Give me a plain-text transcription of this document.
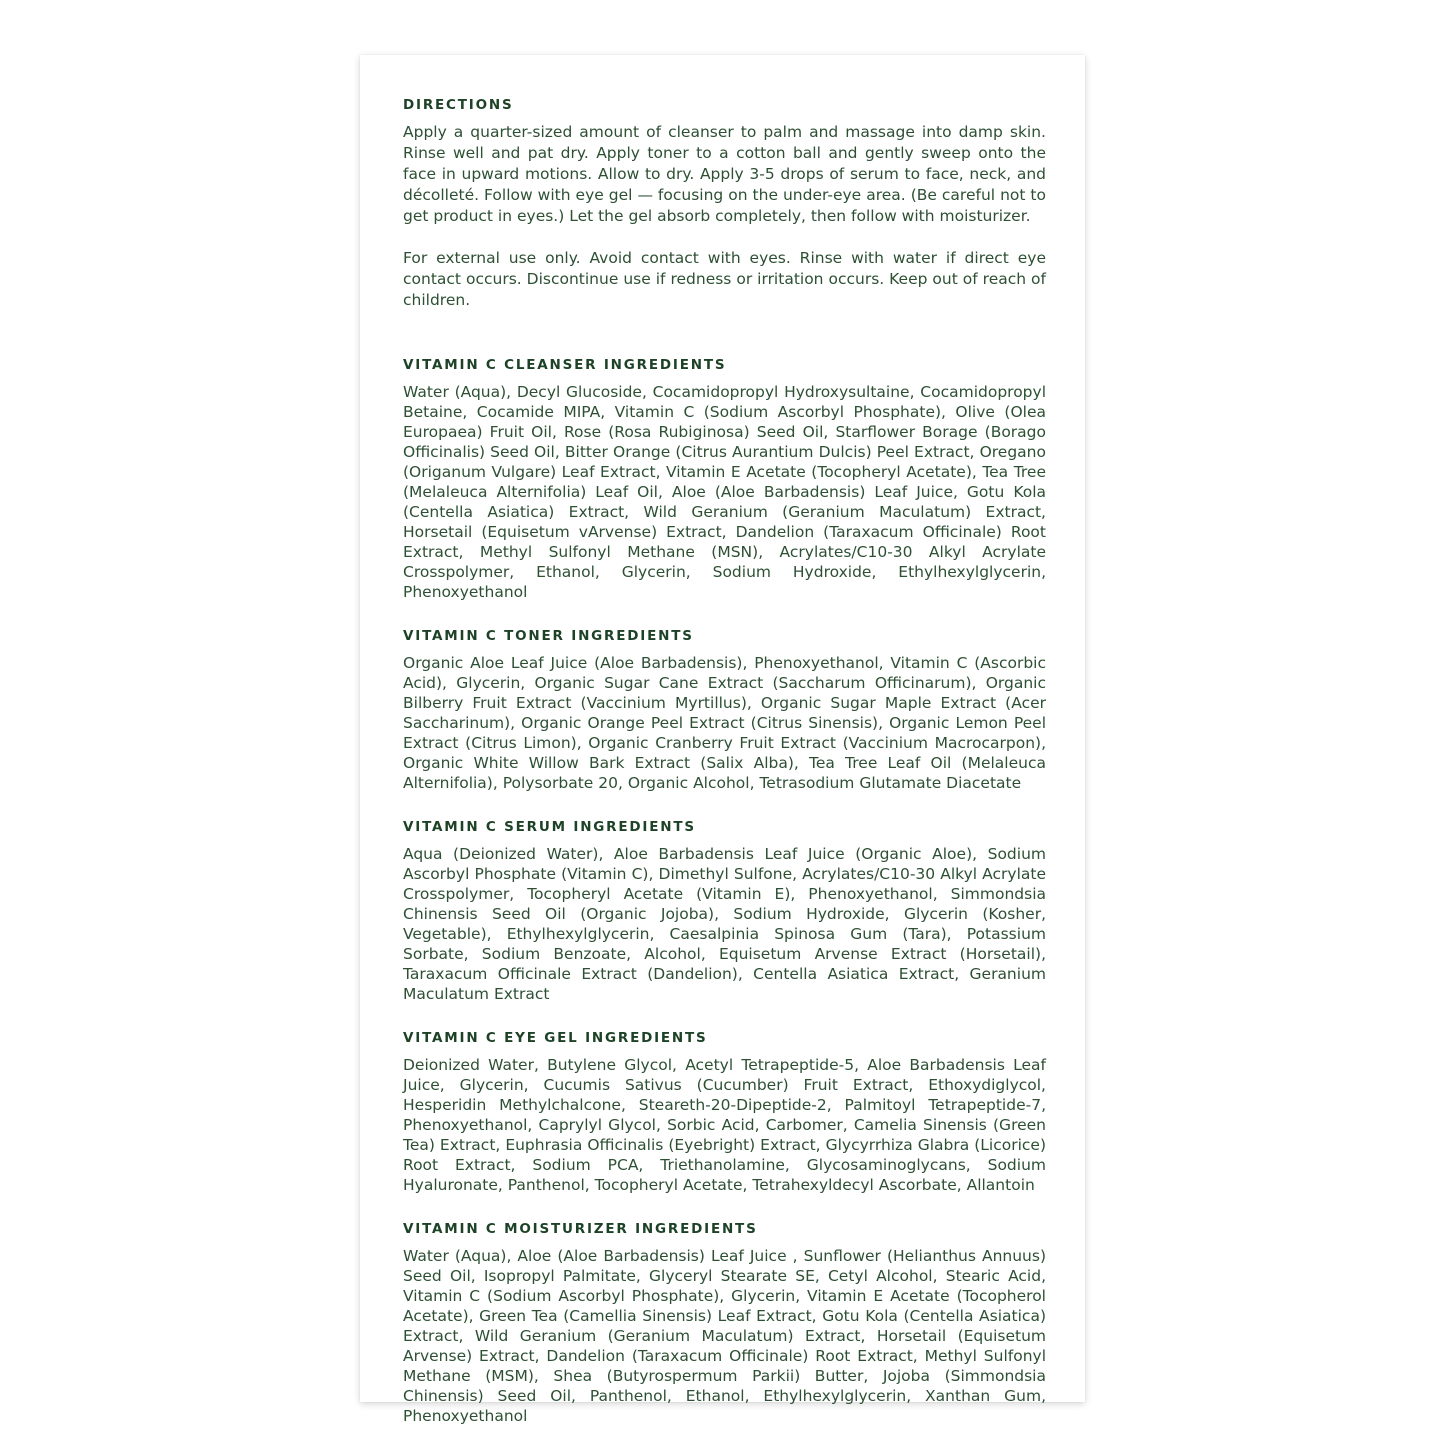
DIRECTIONS

Apply a quarter-sized amount of cleanser to palm and massage into damp skin. Rinse well and pat dry. Apply toner to a cotton ball and gently sweep onto the face in upward motions. Allow to dry. Apply 3-5 drops of serum to face, neck, and décolleté. Follow with eye gel — focusing on the under-eye area. (Be careful not to get product in eyes.) Let the gel absorb completely, then follow with moisturizer.

For external use only. Avoid contact with eyes. Rinse with water if direct eye contact occurs. Discontinue use if redness or irritation occurs. Keep out of reach of children.

VITAMIN C CLEANSER INGREDIENTS

Water (Aqua), Decyl Glucoside, Cocamidopropyl Hydroxysultaine, Cocamidopropyl Betaine, Cocamide MIPA, Vitamin C (Sodium Ascorbyl Phosphate), Olive (Olea Europaea) Fruit Oil, Rose (Rosa Rubiginosa) Seed Oil, Starflower Borage (Borago Officinalis) Seed Oil, Bitter Orange (Citrus Aurantium Dulcis) Peel Extract, Oregano (Origanum Vulgare) Leaf Extract, Vitamin E Acetate (Tocopheryl Acetate), Tea Tree (Melaleuca Alternifolia) Leaf Oil, Aloe (Aloe Barbadensis) Leaf Juice, Gotu Kola (Centella Asiatica) Extract, Wild Geranium (Geranium Maculatum) Extract, Horsetail (Equisetum vArvense) Extract, Dandelion (Taraxacum Officinale) Root Extract, Methyl Sulfonyl Methane (MSN), Acrylates/C10-30 Alkyl Acrylate Crosspolymer, Ethanol, Glycerin, Sodium Hydroxide, Ethylhexylglycerin, Phenoxyethanol

VITAMIN C TONER INGREDIENTS

Organic Aloe Leaf Juice (Aloe Barbadensis), Phenoxyethanol, Vitamin C (Ascorbic Acid), Glycerin, Organic Sugar Cane Extract (Saccharum Officinarum), Organic Bilberry Fruit Extract (Vaccinium Myrtillus), Organic Sugar Maple Extract (Acer Saccharinum), Organic Orange Peel Extract (Citrus Sinensis), Organic Lemon Peel Extract (Citrus Limon), Organic Cranberry Fruit Extract (Vaccinium Macrocarpon), Organic White Willow Bark Extract (Salix Alba), Tea Tree Leaf Oil (Melaleuca Alternifolia), Polysorbate 20, Organic Alcohol, Tetrasodium Glutamate Diacetate

VITAMIN C SERUM INGREDIENTS

Aqua (Deionized Water), Aloe Barbadensis Leaf Juice (Organic Aloe), Sodium Ascorbyl Phosphate (Vitamin C), Dimethyl Sulfone, Acrylates/C10-30 Alkyl Acrylate Crosspolymer, Tocopheryl Acetate (Vitamin E), Phenoxyethanol, Simmondsia Chinensis Seed Oil (Organic Jojoba), Sodium Hydroxide, Glycerin (Kosher, Vegetable), Ethylhexylglycerin, Caesalpinia Spinosa Gum (Tara), Potassium Sorbate, Sodium Benzoate, Alcohol, Equisetum Arvense Extract (Horsetail), Taraxacum Officinale Extract (Dandelion), Centella Asiatica Extract, Geranium Maculatum Extract

VITAMIN C EYE GEL INGREDIENTS

Deionized Water, Butylene Glycol, Acetyl Tetrapeptide-5, Aloe Barbadensis Leaf Juice, Glycerin, Cucumis Sativus (Cucumber) Fruit Extract, Ethoxydiglycol, Hesperidin Methylchalcone, Steareth-20-Dipeptide-2, Palmitoyl Tetrapeptide-7, Phenoxyethanol, Caprylyl Glycol, Sorbic Acid, Carbomer, Camelia Sinensis (Green Tea) Extract, Euphrasia Officinalis (Eyebright) Extract, Glycyrrhiza Glabra (Licorice) Root Extract, Sodium PCA, Triethanolamine, Glycosaminoglycans, Sodium Hyaluronate, Panthenol, Tocopheryl Acetate, Tetrahexyldecyl Ascorbate, Allantoin

VITAMIN C MOISTURIZER INGREDIENTS

Water (Aqua), Aloe (Aloe Barbadensis) Leaf Juice , Sunflower (Helianthus Annuus) Seed Oil, Isopropyl Palmitate, Glyceryl Stearate SE, Cetyl Alcohol, Stearic Acid, Vitamin C (Sodium Ascorbyl Phosphate), Glycerin, Vitamin E Acetate (Tocopherol Acetate), Green Tea (Camellia Sinensis) Leaf Extract, Gotu Kola (Centella Asiatica) Extract, Wild Geranium (Geranium Maculatum) Extract, Horsetail (Equisetum Arvense) Extract, Dandelion (Taraxacum Officinale) Root Extract, Methyl Sulfonyl Methane (MSM), Shea (Butyrospermum Parkii) Butter, Jojoba (Simmondsia Chinensis) Seed Oil, Panthenol, Ethanol, Ethylhexylglycerin, Xanthan Gum, Phenoxyethanol
